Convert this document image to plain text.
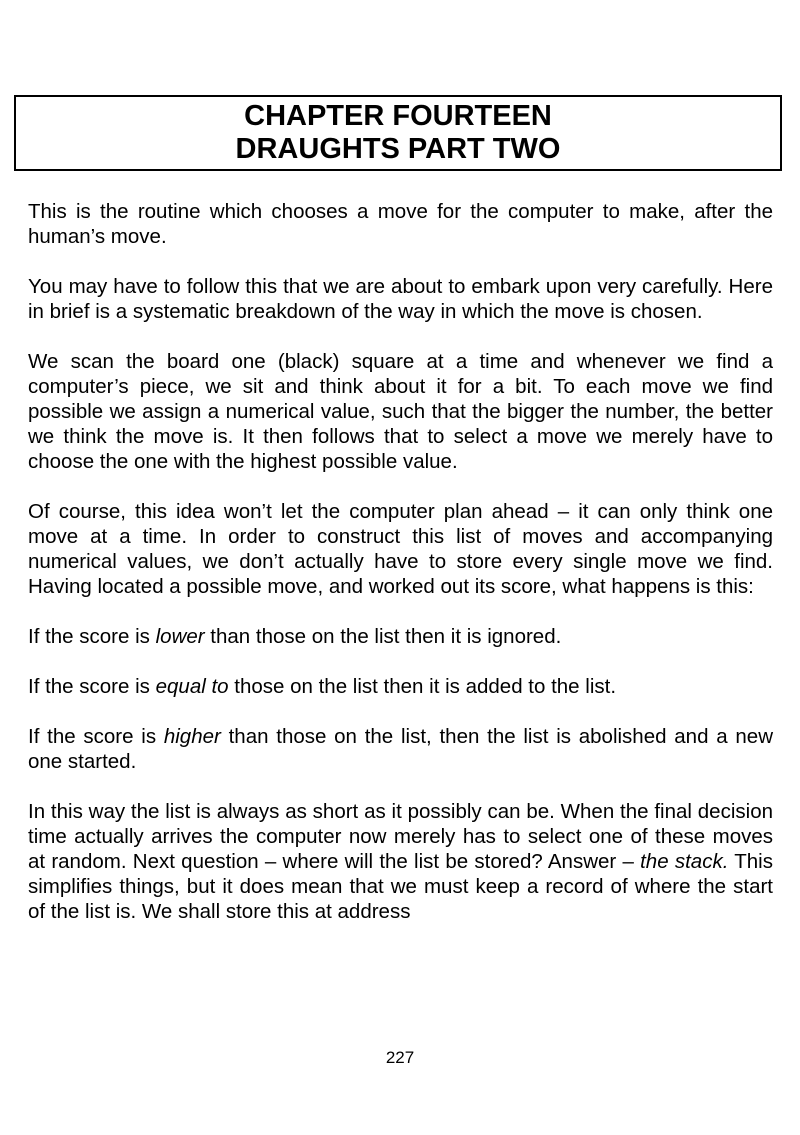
CHAPTER FOURTEEN
DRAUGHTS PART TWO

This is the routine which chooses a move for the computer to make, after the human’s move.

You may have to follow this that we are about to embark upon very carefully. Here in brief is a systematic breakdown of the way in which the move is chosen.

We scan the board one (black) square at a time and whenever we find a computer’s piece, we sit and think about it for a bit. To each move we find possible we assign a numerical value, such that the bigger the number, the better we think the move is. It then follows that to select a move we merely have to choose the one with the highest possible value.

Of course, this idea won’t let the computer plan ahead – it can only think one move at a time. In order to construct this list of moves and accompanying numerical values, we don’t actually have to store every single move we find. Having located a possible move, and worked out its score, what happens is this:

If the score is lower than those on the list then it is ignored.

If the score is equal to those on the list then it is added to the list.

If the score is higher than those on the list, then the list is abolished and a new one started.

In this way the list is always as short as it possibly can be. When the final decision time actually arrives the computer now merely has to select one of these moves at random. Next question – where will the list be stored? Answer – the stack. This simplifies things, but it does mean that we must keep a record of where the start of the list is. We shall store this at address

227
